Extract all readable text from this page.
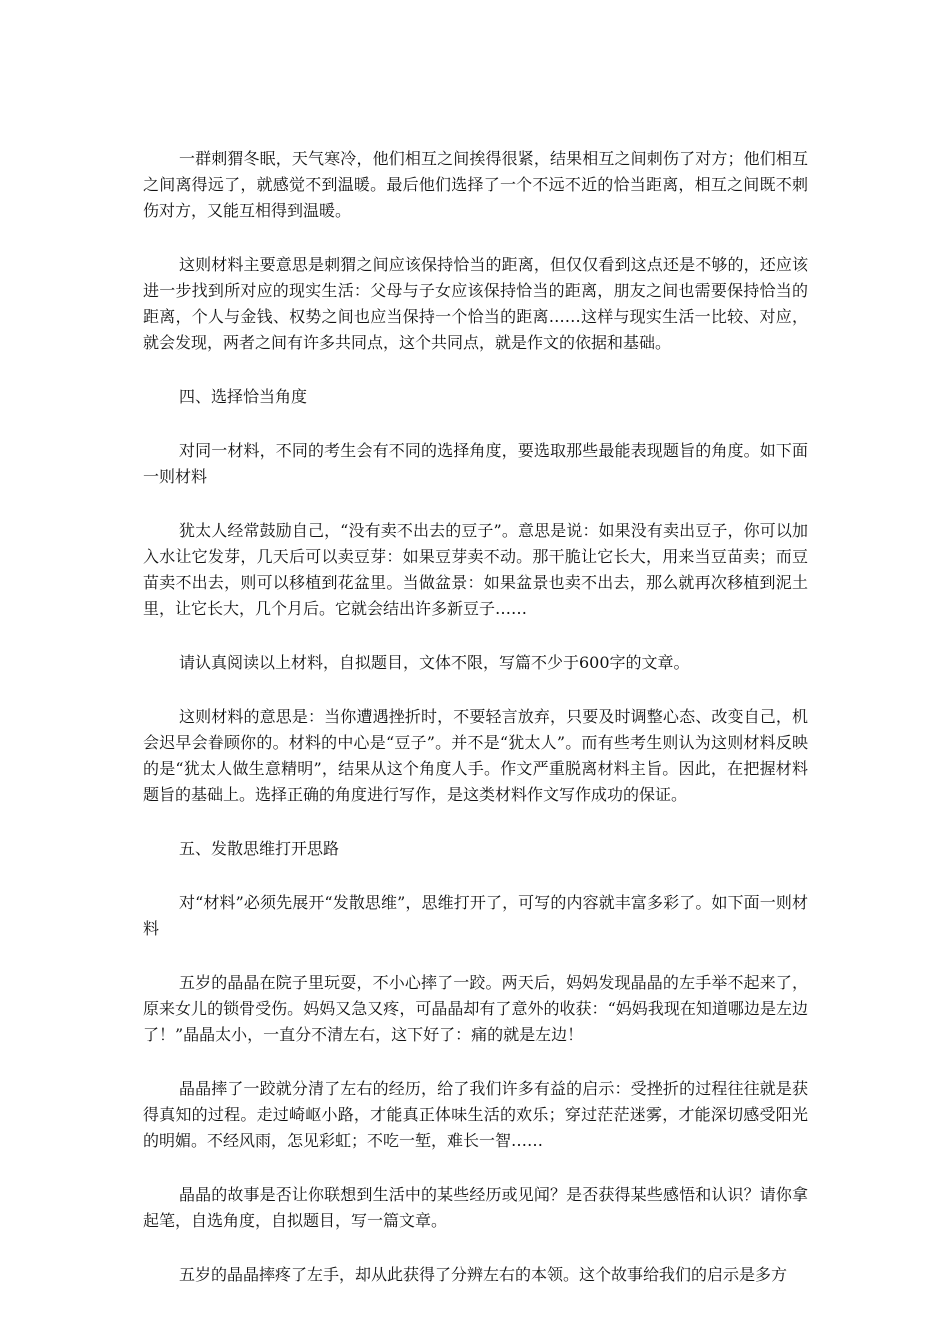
一群刺猬冬眠，天气寒冷，他们相互之间挨得很紧，结果相互之间刺伤了对方；他们相互之间离得远了，就感觉不到温暖。最后他们选择了一个不远不近的恰当距离，相互之间既不刺伤对方，又能互相得到温暖。

这则材料主要意思是刺猬之间应该保持恰当的距离，但仅仅看到这点还是不够的，还应该进一步找到所对应的现实生活：父母与子女应该保持恰当的距离，朋友之间也需要保持恰当的距离，个人与金钱、权势之间也应当保持一个恰当的距离……这样与现实生活一比较、对应，就会发现，两者之间有许多共同点，这个共同点，就是作文的依据和基础。

四、选择恰当角度

对同一材料，不同的考生会有不同的选择角度，要选取那些最能表现题旨的角度。如下面一则材料

犹太人经常鼓励自己，“没有卖不出去的豆子”。意思是说：如果没有卖出豆子，你可以加入水让它发芽，几天后可以卖豆芽：如果豆芽卖不动。那干脆让它长大，用来当豆苗卖；而豆苗卖不出去，则可以移植到花盆里。当做盆景：如果盆景也卖不出去，那么就再次移植到泥土里，让它长大，几个月后。它就会结出许多新豆子……

请认真阅读以上材料，自拟题目，文体不限，写篇不少于600字的文章。

这则材料的意思是：当你遭遇挫折时，不要轻言放弃，只要及时调整心态、改变自己，机会迟早会眷顾你的。材料的中心是“豆子”。并不是“犹太人”。而有些考生则认为这则材料反映的是“犹太人做生意精明”，结果从这个角度人手。作文严重脱离材料主旨。因此，在把握材料题旨的基础上。选择正确的角度进行写作，是这类材料作文写作成功的保证。

五、发散思维打开思路

对“材料”必须先展开“发散思维”，思维打开了，可写的内容就丰富多彩了。如下面一则材料

五岁的晶晶在院子里玩耍，不小心摔了一跤。两天后，妈妈发现晶晶的左手举不起来了，原来女儿的锁骨受伤。妈妈又急又疼，可晶晶却有了意外的收获：“妈妈我现在知道哪边是左边了！”晶晶太小，一直分不清左右，这下好了：痛的就是左边！

晶晶摔了一跤就分清了左右的经历，给了我们许多有益的启示：受挫折的过程往往就是获得真知的过程。走过崎岖小路，才能真正体味生活的欢乐；穿过茫茫迷雾，才能深切感受阳光的明媚。不经风雨，怎见彩虹；不吃一堑，难长一智……

晶晶的故事是否让你联想到生活中的某些经历或见闻？是否获得某些感悟和认识？请你拿起笔，自选角度，自拟题目，写一篇文章。

五岁的晶晶摔疼了左手，却从此获得了分辨左右的本领。这个故事给我们的启示是多方
